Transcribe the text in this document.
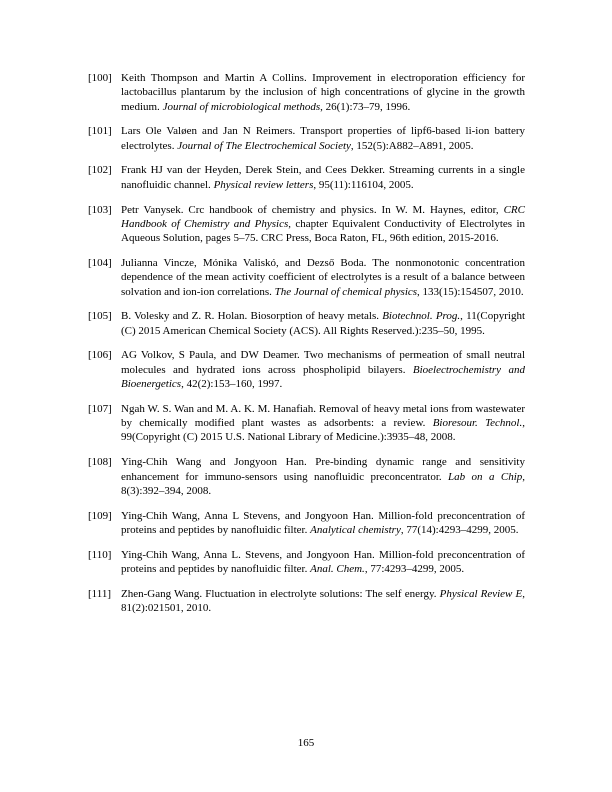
[100] Keith Thompson and Martin A Collins. Improvement in electroporation efficiency for lactobacillus plantarum by the inclusion of high concentrations of glycine in the growth medium. Journal of microbiological methods, 26(1):73–79, 1996.
[101] Lars Ole Valøen and Jan N Reimers. Transport properties of lipf6-based li-ion battery electrolytes. Journal of The Electrochemical Society, 152(5):A882–A891, 2005.
[102] Frank HJ van der Heyden, Derek Stein, and Cees Dekker. Streaming currents in a single nanofluidic channel. Physical review letters, 95(11):116104, 2005.
[103] Petr Vanysek. Crc handbook of chemistry and physics. In W. M. Haynes, editor, CRC Handbook of Chemistry and Physics, chapter Equivalent Conductivity of Electrolytes in Aqueous Solution, pages 5–75. CRC Press, Boca Raton, FL, 96th edition, 2015-2016.
[104] Julianna Vincze, Mónika Valiskó, and Dezső Boda. The nonmonotonic concentration dependence of the mean activity coefficient of electrolytes is a result of a balance between solvation and ion-ion correlations. The Journal of chemical physics, 133(15):154507, 2010.
[105] B. Volesky and Z. R. Holan. Biosorption of heavy metals. Biotechnol. Prog., 11(Copyright (C) 2015 American Chemical Society (ACS). All Rights Reserved.):235–50, 1995.
[106] AG Volkov, S Paula, and DW Deamer. Two mechanisms of permeation of small neutral molecules and hydrated ions across phospholipid bilayers. Bioelectrochemistry and Bioenergetics, 42(2):153–160, 1997.
[107] Ngah W. S. Wan and M. A. K. M. Hanafiah. Removal of heavy metal ions from wastewater by chemically modified plant wastes as adsorbents: a review. Bioresour. Technol., 99(Copyright (C) 2015 U.S. National Library of Medicine.):3935–48, 2008.
[108] Ying-Chih Wang and Jongyoon Han. Pre-binding dynamic range and sensitivity enhancement for immuno-sensors using nanofluidic preconcentrator. Lab on a Chip, 8(3):392–394, 2008.
[109] Ying-Chih Wang, Anna L Stevens, and Jongyoon Han. Million-fold preconcentration of proteins and peptides by nanofluidic filter. Analytical chemistry, 77(14):4293–4299, 2005.
[110] Ying-Chih Wang, Anna L. Stevens, and Jongyoon Han. Million-fold preconcentration of proteins and peptides by nanofluidic filter. Anal. Chem., 77:4293–4299, 2005.
[111] Zhen-Gang Wang. Fluctuation in electrolyte solutions: The self energy. Physical Review E, 81(2):021501, 2010.
165
